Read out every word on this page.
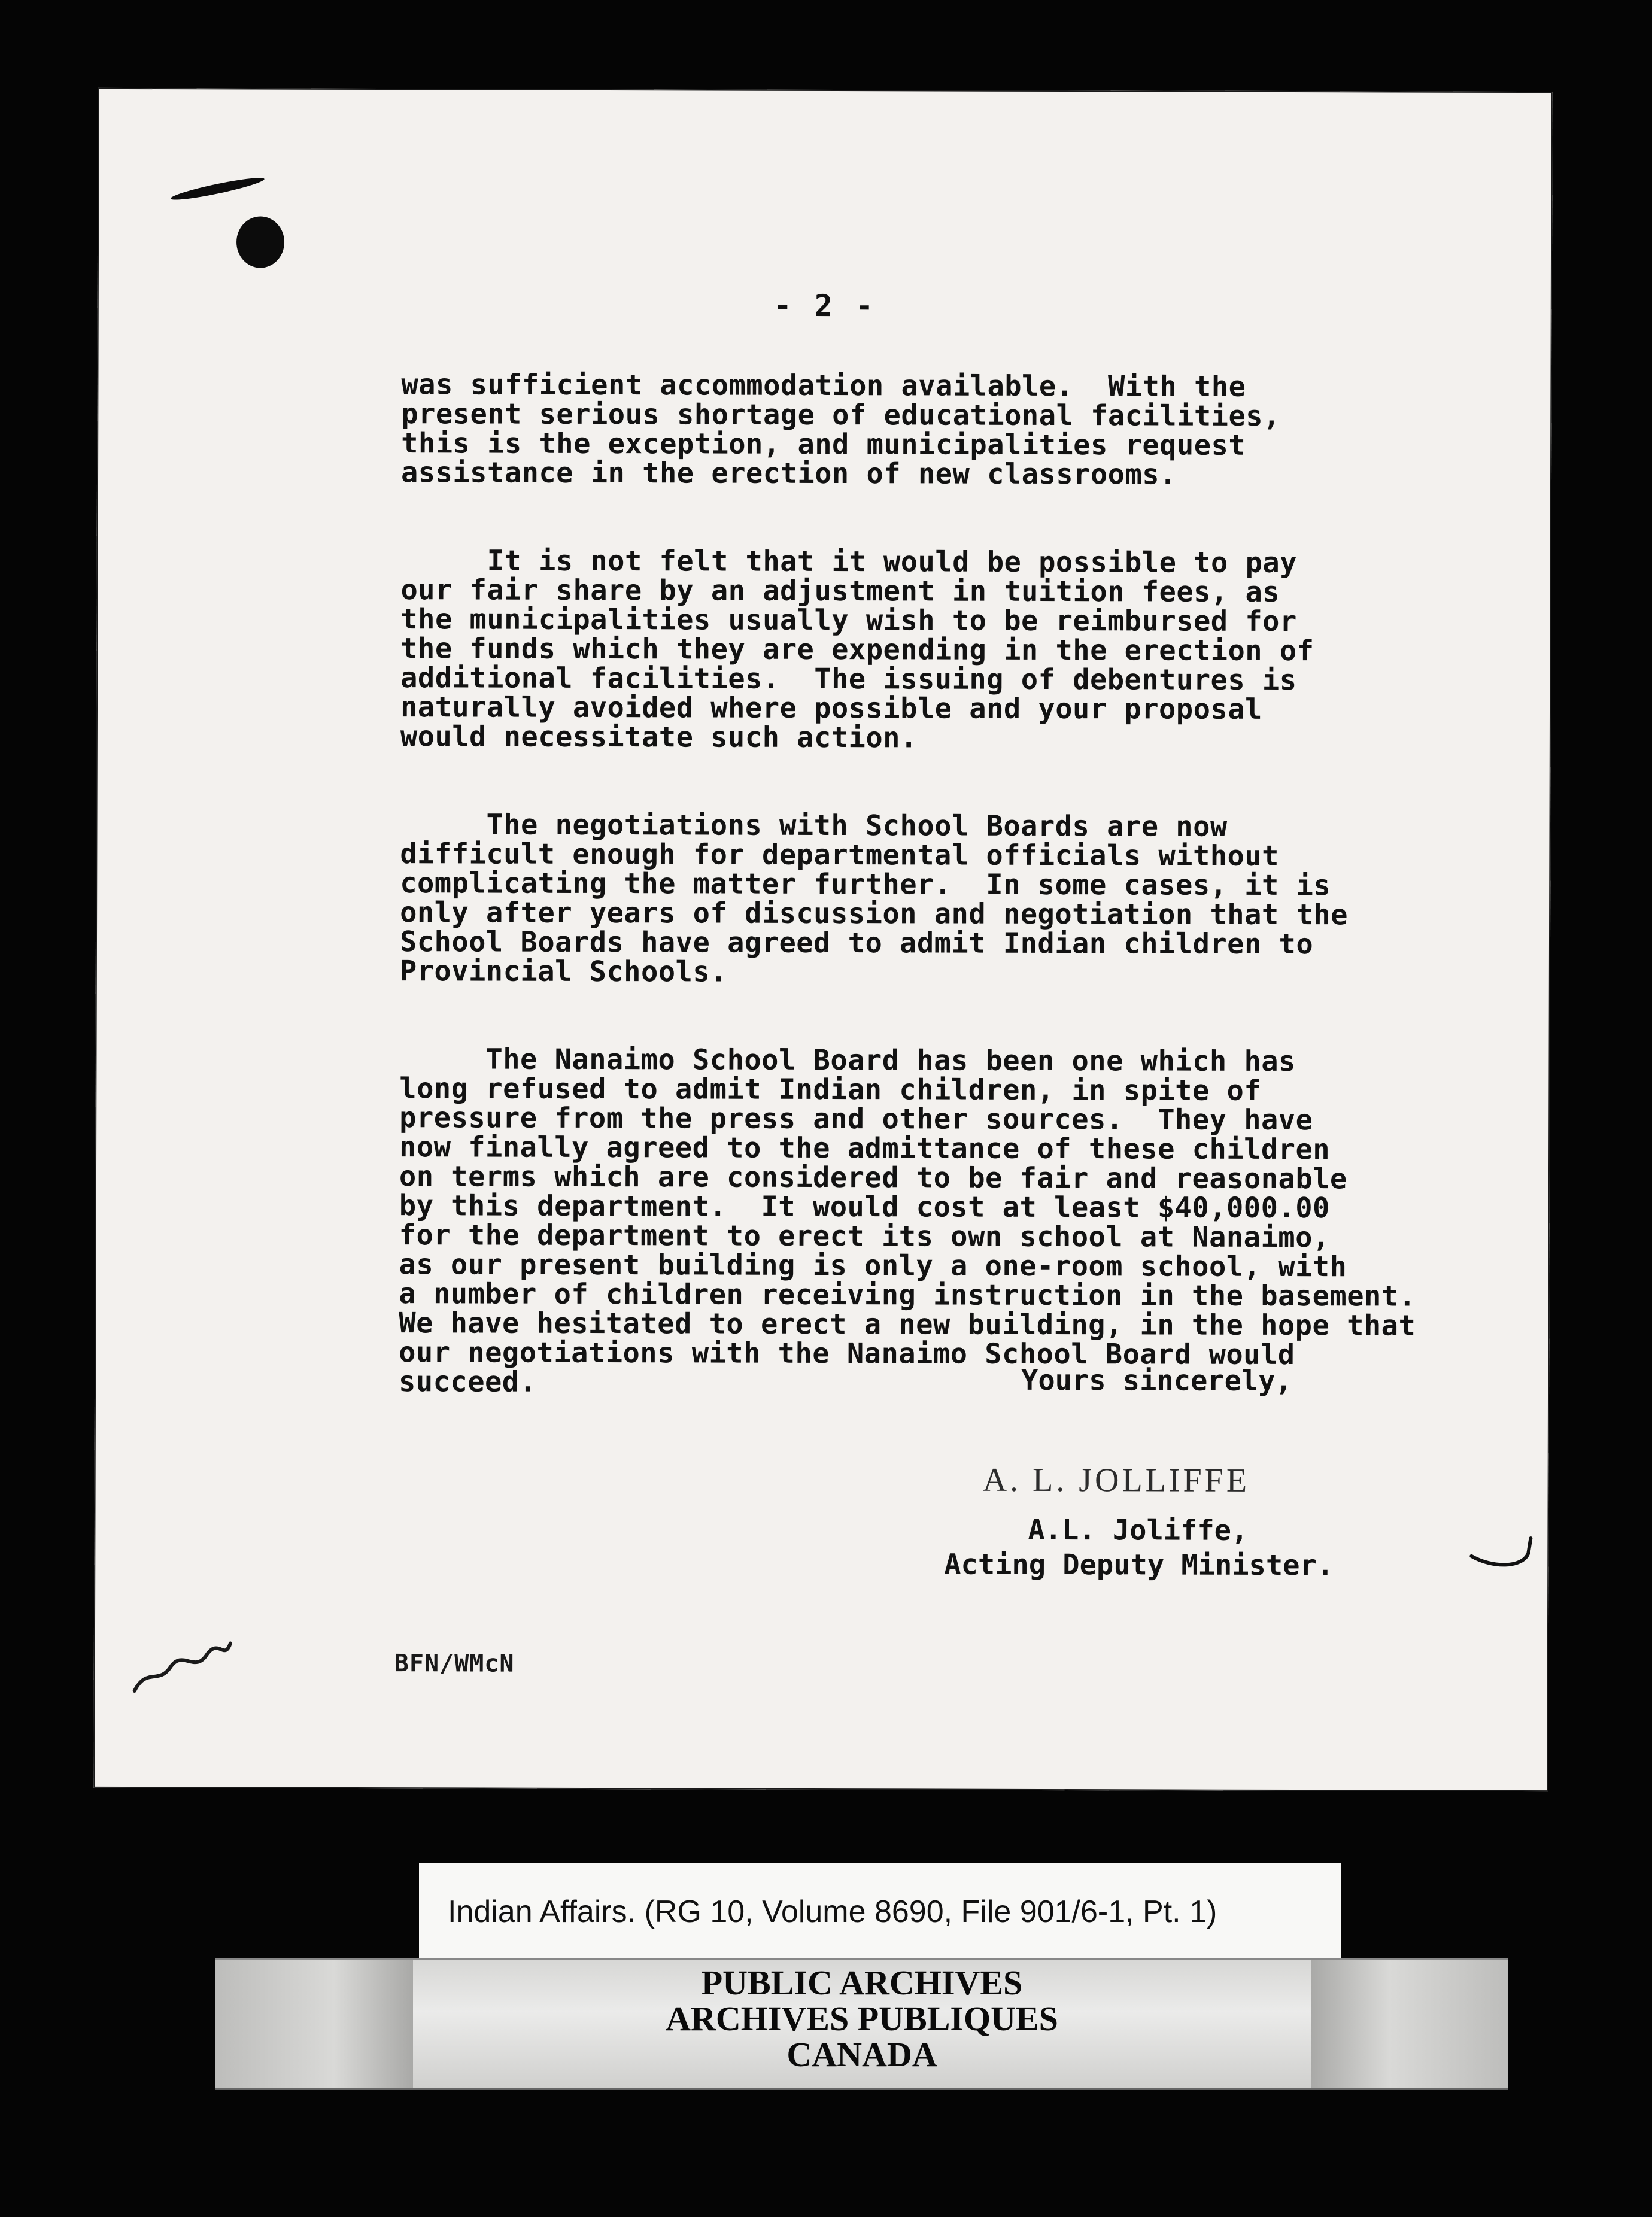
- 2 -

was sufficient accommodation available.  With the
present serious shortage of educational facilities,
this is the exception, and municipalities request
assistance in the erection of new classrooms.

It is not felt that it would be possible to pay
our fair share by an adjustment in tuition fees, as
the municipalities usually wish to be reimbursed for
the funds which they are expending in the erection of
additional facilities.  The issuing of debentures is
naturally avoided where possible and your proposal
would necessitate such action.

The negotiations with School Boards are now
difficult enough for departmental officials without
complicating the matter further.  In some cases, it is
only after years of discussion and negotiation that the
School Boards have agreed to admit Indian children to
Provincial Schools.

The Nanaimo School Board has been one which has
long refused to admit Indian children, in spite of
pressure from the press and other sources.  They have
now finally agreed to the admittance of these children
on terms which are considered to be fair and reasonable
by this department.  It would cost at least $40,000.00
for the department to erect its own school at Nanaimo,
as our present building is only a one-room school, with
a number of children receiving instruction in the basement.
We have hesitated to erect a new building, in the hope that
our negotiations with the Nanaimo School Board would
succeed.	Yours sincerely,
A. L. JOLLIFFE
A.L. Joliffe,
Acting Deputy Minister.
BFN/WMcN
Indian Affairs. (RG 10, Volume 8690, File 901/6-1, Pt. 1)
PUBLIC ARCHIVES
ARCHIVES PUBLIQUES
CANADA
